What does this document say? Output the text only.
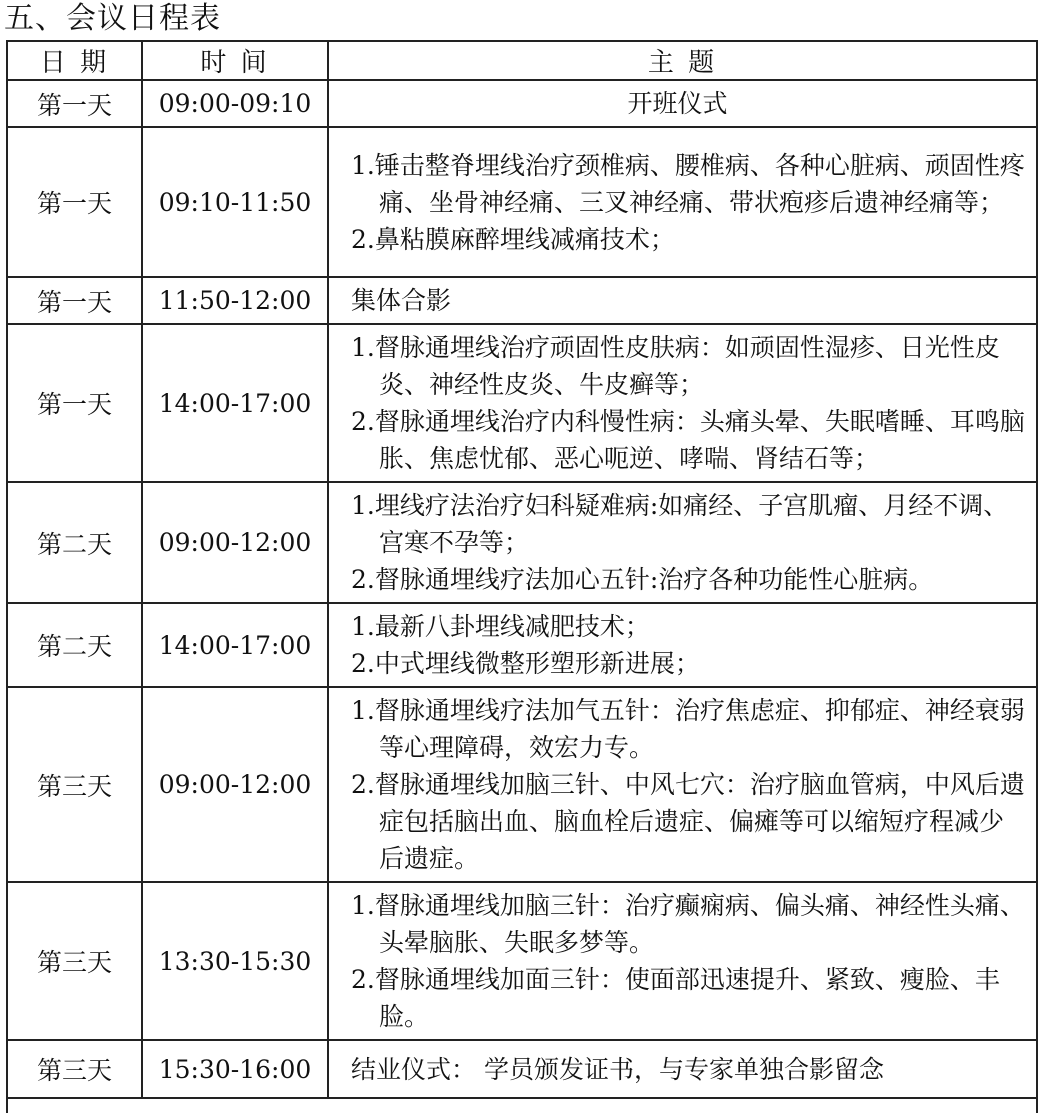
五、会议日程表
日 期	时 间	主 题
第一天	09:00-09:10	开班仪式

第一天	09:10-11:50	1.锤击整脊埋线治疗颈椎病、腰椎病、各种心脏病、顽固性疼痛、坐骨神经痛、三叉神经痛、带状疱疹后遗神经痛等；
2.鼻粘膜麻醉埋线减痛技术；

第一天	11:50-12:00	集体合影

第一天	14:00-17:00	1.督脉通埋线治疗顽固性皮肤病：如顽固性湿疹、日光性皮炎、神经性皮炎、牛皮癣等；
2.督脉通埋线治疗内科慢性病：头痛头晕、失眠嗜睡、耳鸣脑胀、焦虑忧郁、恶心呃逆、哮喘、肾结石等；

第二天	09:00-12:00	1.埋线疗法治疗妇科疑难病:如痛经、子宫肌瘤、月经不调、宫寒不孕等；
2.督脉通埋线疗法加心五针:治疗各种功能性心脏病。

第二天	14:00-17:00	1.最新八卦埋线减肥技术；
2.中式埋线微整形塑形新进展；

第三天	09:00-12:00	1.督脉通埋线疗法加气五针：治疗焦虑症、抑郁症、神经衰弱等心理障碍，效宏力专。
2.督脉通埋线加脑三针、中风七穴：治疗脑血管病，中风后遗症包括脑出血、脑血栓后遗症、偏瘫等可以缩短疗程减少后遗症。

第三天	13:30-15:30	1.督脉通埋线加脑三针：治疗癫痫病、偏头痛、神经性头痛、头晕脑胀、失眠多梦等。
2.督脉通埋线加面三针：使面部迅速提升、紧致、瘦脸、丰脸。

第三天	15:30-16:00	结业仪式： 学员颁发证书，与专家单独合影留念
